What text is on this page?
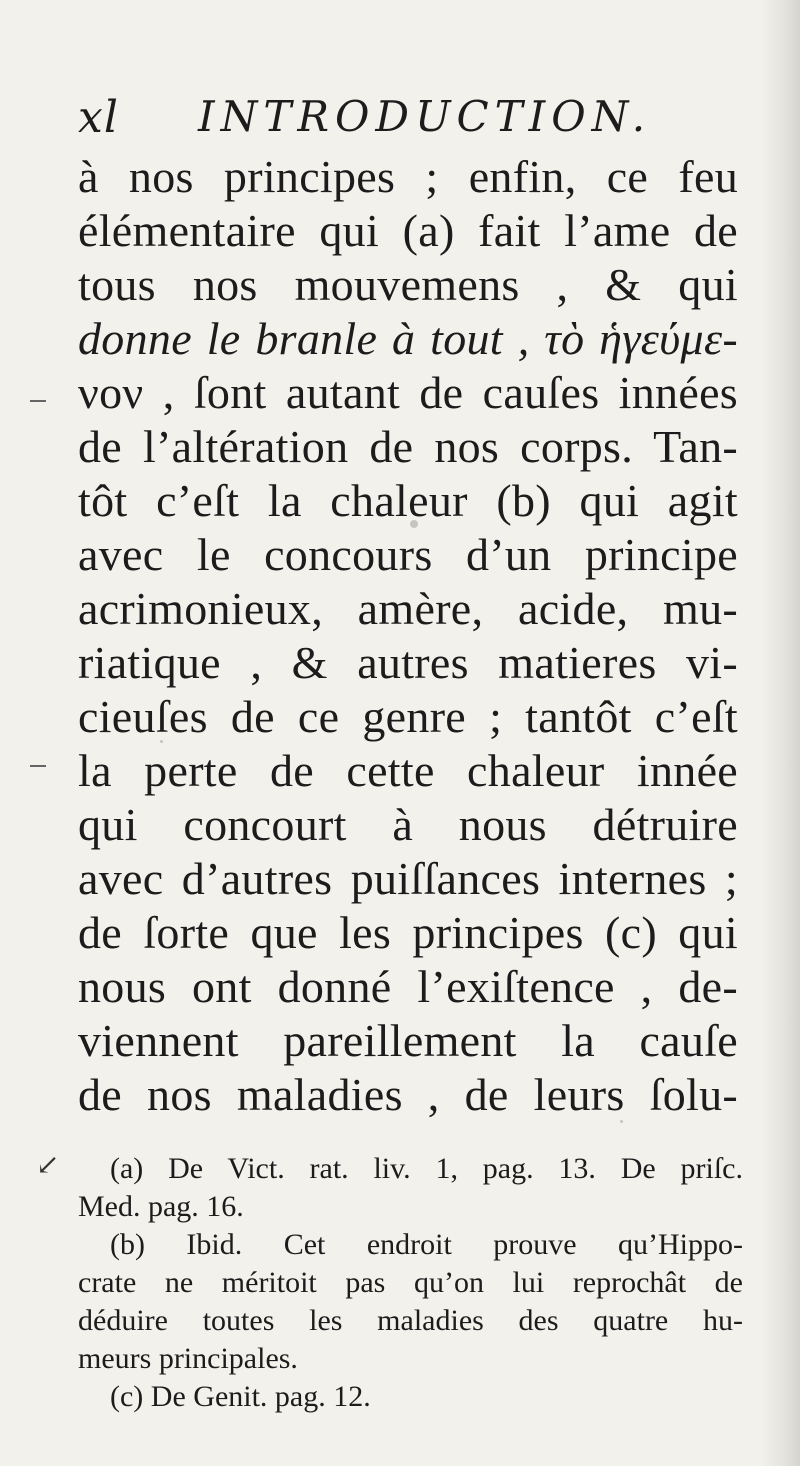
xl INTRODUCTION.
à nos principes ; enfin, ce feu
élémentaire qui (a) fait l’ame de
tous nos mouvemens , & qui
donne le branle à tout , τὸ ἡγεύμε-
νον , ſont autant de cauſes innées
de l’altération de nos corps. Tan-
tôt c’eſt la chaleur (b) qui agit
avec le concours d’un principe
acrimonieux, amère, acide, mu-
riatique , & autres matieres vi-
cieuſes de ce genre ; tantôt c’eſt
la perte de cette chaleur innée
qui concourt à nous détruire
avec d’autres puiſſances internes ;
de ſorte que les principes (c) qui
nous ont donné l’exiſtence , de-
viennent pareillement la cauſe
de nos maladies , de leurs ſolu-
↙	(a) De Vict. rat. liv. 1, pag. 13. De priſc.
Med. pag. 16.
(b) Ibid. Cet endroit prouve qu’Hippo-
crate ne méritoit pas qu’on lui reprochât de
déduire toutes les maladies des quatre hu-
meurs principales.
(c) De Genit. pag. 12.
